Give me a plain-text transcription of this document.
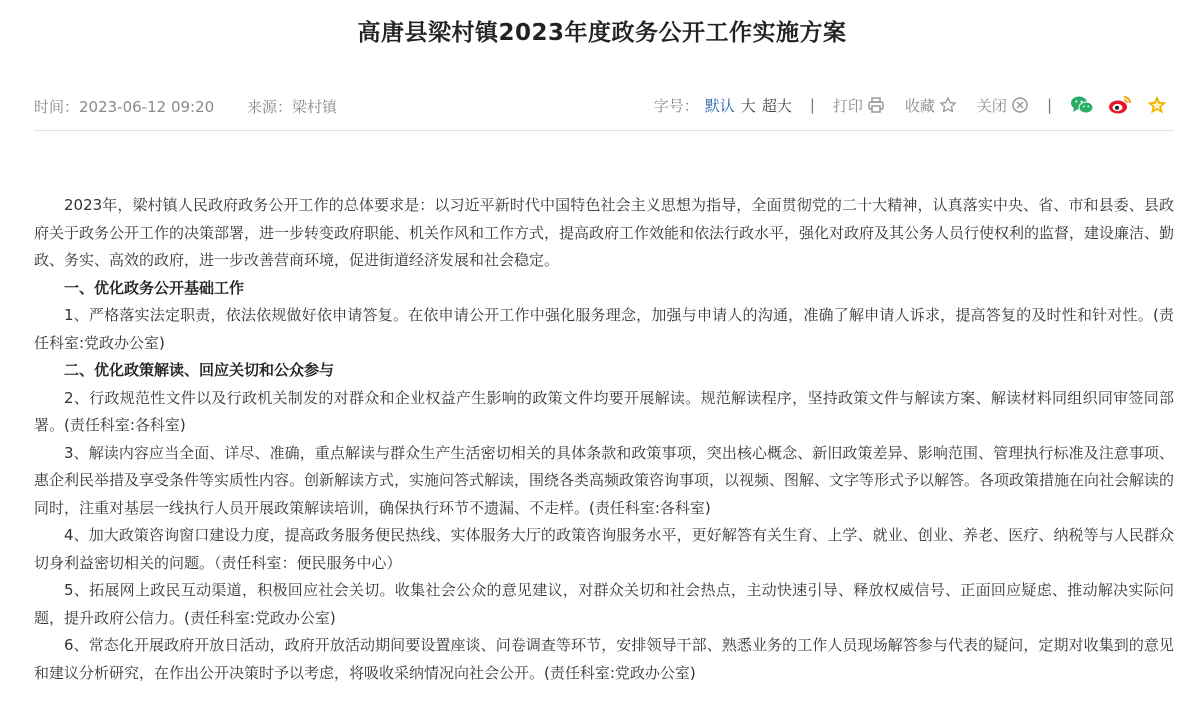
高唐县梁村镇2023年度政务公开工作实施方案
时间：2023-06-12 09:20 来源：梁村镇	字号： 默认 大 超大 | 打印	收藏	关闭	|

2023年，梁村镇人民政府政务公开工作的总体要求是：以习近平新时代中国特色社会主义思想为指导，全面贯彻党的二十大精神，认真落实中央、省、市和县委、县政府关于政务公开工作的决策部署，进一步转变政府职能、机关作风和工作方式，提高政府工作效能和依法行政水平，强化对政府及其公务人员行使权利的监督，建设廉洁、勤政、务实、高效的政府，进一步改善营商环境，促进街道经济发展和社会稳定。

一、优化政务公开基础工作

1、严格落实法定职责，依法依规做好依申请答复。在依申请公开工作中强化服务理念，加强与申请人的沟通，准确了解申请人诉求，提高答复的及时性和针对性。(责任科室:党政办公室)

二、优化政策解读、回应关切和公众参与

2、行政规范性文件以及行政机关制发的对群众和企业权益产生影响的政策文件均要开展解读。规范解读程序，坚持政策文件与解读方案、解读材料同组织同审签同部署。(责任科室:各科室)

3、解读内容应当全面、详尽、准确，重点解读与群众生产生活密切相关的具体条款和政策事项，突出核心概念、新旧政策差异、影响范围、管理执行标准及注意事项、惠企利民举措及享受条件等实质性内容。创新解读方式，实施问答式解读，围绕各类高频政策咨询事项，以视频、图解、文字等形式予以解答。各项政策措施在向社会解读的同时，注重对基层一线执行人员开展政策解读培训，确保执行环节不遗漏、不走样。(责任科室:各科室)

4、加大政策咨询窗口建设力度，提高政务服务便民热线、实体服务大厅的政策咨询服务水平，更好解答有关生育、上学、就业、创业、养老、医疗、纳税等与人民群众切身利益密切相关的问题。（责任科室：便民服务中心）

5、拓展网上政民互动渠道，积极回应社会关切。收集社会公众的意见建议，对群众关切和社会热点，主动快速引导、释放权威信号、正面回应疑虑、推动解决实际问题，提升政府公信力。(责任科室:党政办公室)

6、常态化开展政府开放日活动，政府开放活动期间要设置座谈、问卷调查等环节，安排领导干部、熟悉业务的工作人员现场解答参与代表的疑问，定期对收集到的意见和建议分析研究，在作出公开决策时予以考虑，将吸收采纳情况向社会公开。(责任科室:党政办公室)
